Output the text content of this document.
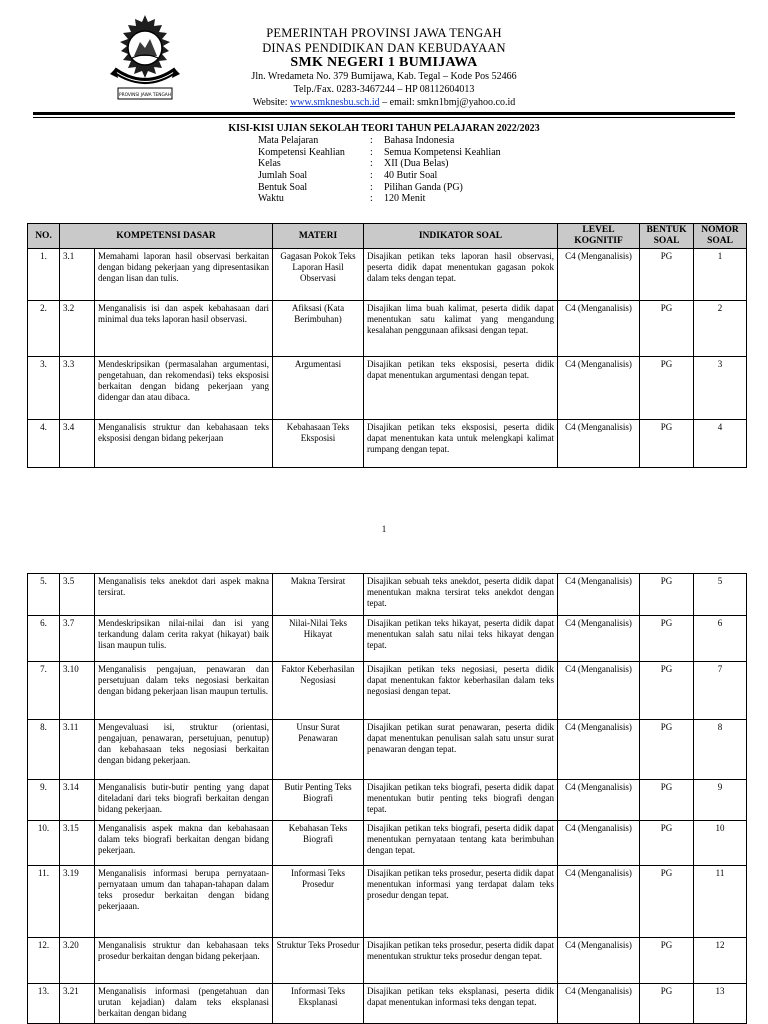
PROVINSI JAWA TENGAH
PEMERINTAH PROVINSI JAWA TENGAH
DINAS PENDIDIKAN DAN KEBUDAYAAN
SMK NEGERI 1 BUMIJAWA
Jln. Wredameta No. 379 Bumijawa, Kab. Tegal – Kode Pos 52466
Telp./Fax. 0283-3467244 – HP 08112604013
Website: www.smknesbu.sch.id – email: smkn1bmj@yahoo.co.id
KISI-KISI UJIAN SEKOLAH TEORI TAHUN PELAJARAN 2022/2023
Mata Pelajaran	: Bahasa Indonesia
Kompetensi Keahlian	: Semua Kompetensi Keahlian
Kelas	: XII (Dua Belas)
Jumlah Soal	: 40 Butir Soal
Bentuk Soal	: Pilihan Ganda (PG)
Waktu	: 120 Menit
NO.	KOMPETENSI DASAR		MATERI	INDIKATOR SOAL	LEVEL KOGNITIF	BENTUK SOAL	NOMOR SOAL
1.	3.1	Memahami laporan hasil observasi berkaitan dengan bidang pekerjaan yang dipresentasikan dengan lisan dan tulis.	Gagasan Pokok Teks Laporan Hasil Observasi	Disajikan petikan teks laporan hasil observasi, peserta didik dapat menentukan gagasan pokok dalam teks dengan tepat.	C4 (Menganalisis)	PG	1
2.	3.2	Menganalisis isi dan aspek kebahasaan dari minimal dua teks laporan hasil observasi.	Afiksasi (Kata Berimbuhan)	Disajikan lima buah kalimat, peserta didik dapat menentukan satu kalimat yang mengandung kesalahan penggunaan afiksasi dengan tepat.	C4 (Menganalisis)	PG	2
3.	3.3	Mendeskripsikan (permasalahan argumentasi, pengetahuan, dan rekomendasi) teks eksposisi berkaitan dengan bidang pekerjaan yang didengar dan atau dibaca.	Argumentasi	Disajikan petikan teks eksposisi, peserta didik dapat menentukan argumentasi dengan tepat.	C4 (Menganalisis)	PG	3
4.	3.4	Menganalisis struktur dan kebahasaan teks eksposisi dengan bidang pekerjaan	Kebahasaan Teks Eksposisi	Disajikan petikan teks eksposisi, peserta didik dapat menentukan kata untuk melengkapi kalimat rumpang dengan tepat.	C4 (Menganalisis)	PG	4
1
5.	3.5	Menganalisis teks anekdot dari aspek makna tersirat.	Makna Tersirat	Disajikan sebuah teks anekdot, peserta didik dapat menentukan makna tersirat teks anekdot dengan tepat.	C4 (Menganalisis)	PG	5
6.	3.7	Mendeskripsikan nilai-nilai dan isi yang terkandung dalam cerita rakyat (hikayat) baik lisan maupun tulis.	Nilai-Nilai Teks Hikayat	Disajikan petikan teks hikayat, peserta didik dapat menentukan salah satu nilai teks hikayat dengan tepat.	C4 (Menganalisis)	PG	6
7.	3.10	Menganalisis pengajuan, penawaran dan persetujuan dalam teks negosiasi berkaitan dengan bidang pekerjaan lisan maupun tertulis.	Faktor Keberhasilan Negosiasi	Disajikan petikan teks negosiasi, peserta didik dapat menentukan faktor keberhasilan dalam teks negosiasi dengan tepat.	C4 (Menganalisis)	PG	7
8.	3.11	Mengevaluasi isi, struktur (orientasi, pengajuan, penawaran, persetujuan, penutup) dan kebahasaan teks negosiasi berkaitan dengan bidang pekerjaan.	Unsur Surat Penawaran	Disajikan petikan surat penawaran, peserta didik dapat menentukan penulisan salah satu unsur surat penawaran dengan tepat.	C4 (Menganalisis)	PG	8
9.	3.14	Menganalisis butir-butir penting yang dapat diteladani dari teks biografi berkaitan dengan bidang pekerjaan.	Butir Penting Teks Biografi	Disajikan petikan teks biografi, peserta didik dapat menentukan butir penting teks biografi dengan tepat.	C4 (Menganalisis)	PG	9
10.	3.15	Menganalisis aspek makna dan kebahasaan dalam teks biografi berkaitan dengan bidang pekerjaan.	Kebahasan Teks Biografi	Disajikan petikan teks biografi, peserta didik dapat menentukan pernyataan tentang kata berimbuhan dengan tepat.	C4 (Menganalisis)	PG	10
11.	3.19	Menganalisis informasi berupa pernyataan-pernyataan umum dan tahapan-tahapan dalam teks prosedur berkaitan dengan bidang pekerjaaan.	Informasi Teks Prosedur	Disajikan petikan teks prosedur, peserta didik dapat menentukan informasi yang terdapat dalam teks prosedur dengan tepat.	C4 (Menganalisis)	PG	11
12.	3.20	Menganalisis struktur dan kebahasaan teks prosedur berkaitan dengan bidang pekerjaan.	Struktur Teks Prosedur	Disajikan petikan teks prosedur, peserta didik dapat menentukan struktur teks prosedur dengan tepat.	C4 (Menganalisis)	PG	12
13.	3.21	Menganalisis informasi (pengetahuan dan urutan kejadian) dalam teks eksplanasi berkaitan dengan bidang	Informasi Teks Eksplanasi	Disajikan petikan teks eksplanasi, peserta didik dapat menentukan informasi teks dengan tepat.	C4 (Menganalisis)	PG	13
